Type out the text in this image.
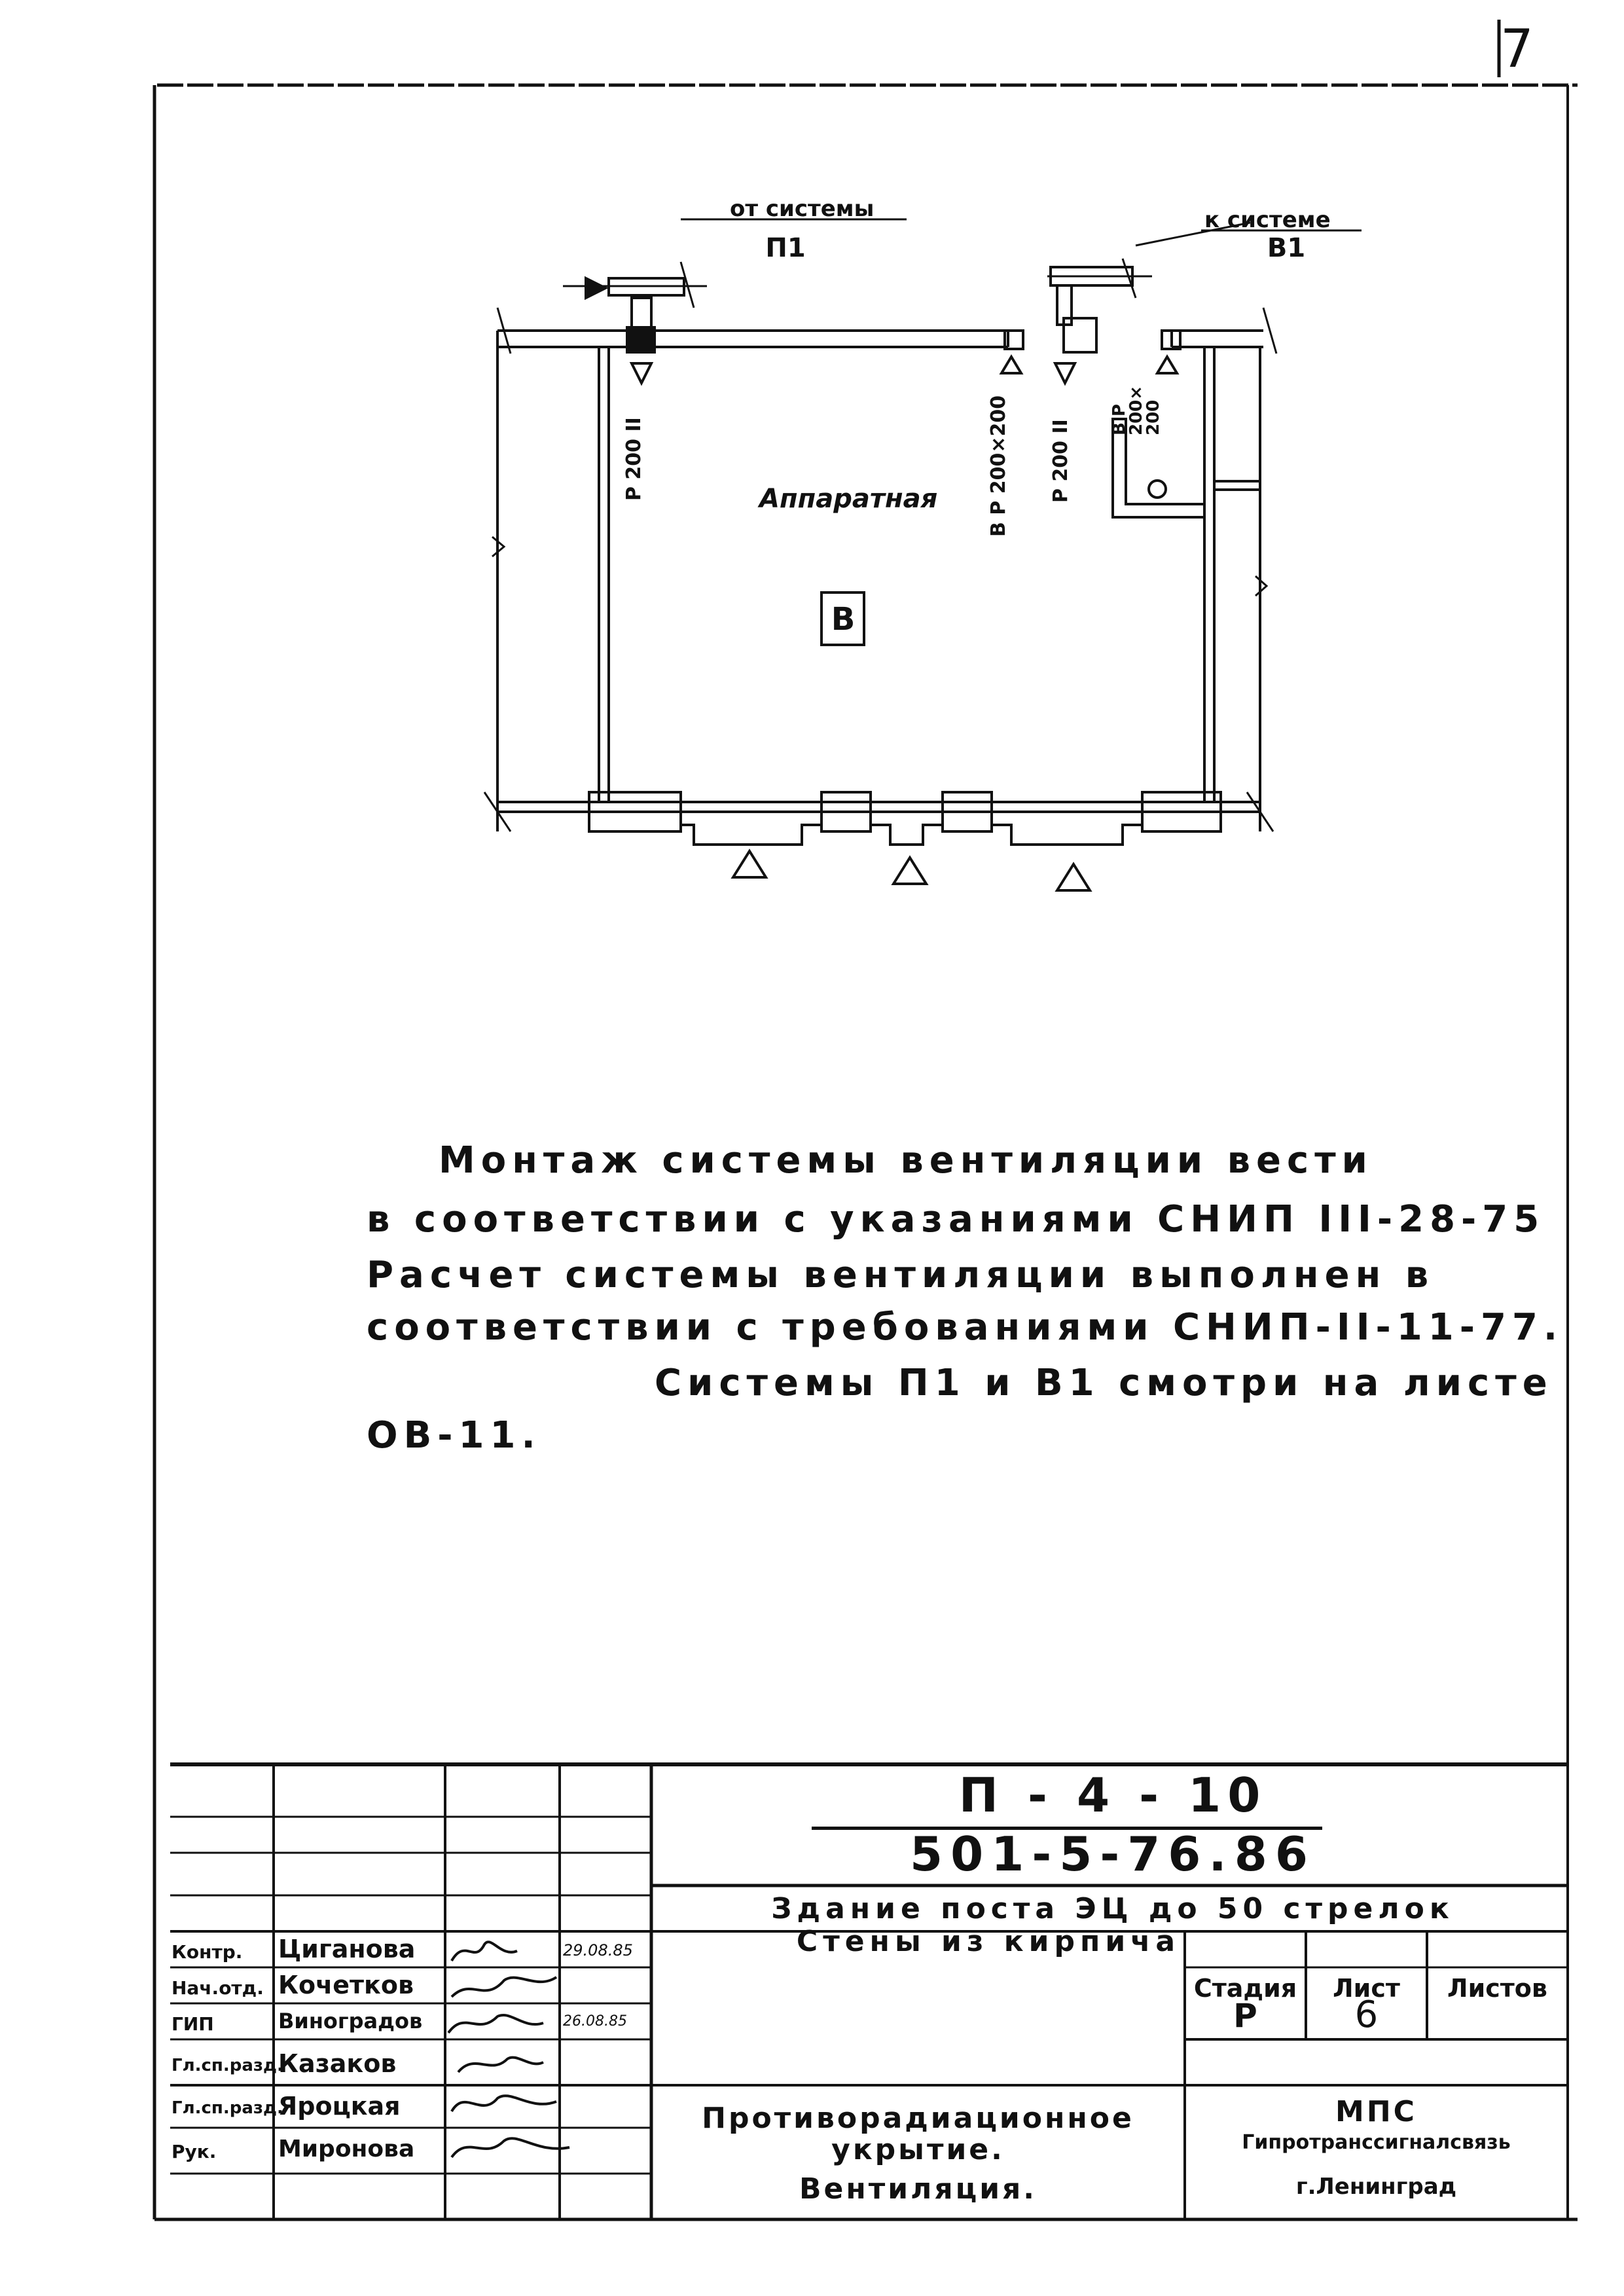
7
П1
от системы	к системе
В1
Р 200 II	В Р 200×200 Р 200 II В Р
200×
200
Аппаратная
В
Монтаж системы вентиляции вести
в соответствии с указаниями СНИП III-28-75
Расчет системы вентиляции выполнен в
соответствии с требованиями СНИП-II-11-77.
Системы П1 и В1 смотри на листе
ОВ-11.
П - 4 - 10
501-5-76.86
Здание поста ЭЦ до 50 стрелок
Стены из кирпича
Стадия	Лист	Листов
Р	6
Противорадиационное
укрытие.
Вентиляция.
МПС
Гипротранссигналсвязь
г.Ленинград
Контр. Циганова	29.08.85
Нач.отд. Кочетков
ГИП	Виноградов	26.08.85
Гл.сп.разд.
Казаков
Гл.сп.разд.
Яроцкая
Рук.	Миронова
